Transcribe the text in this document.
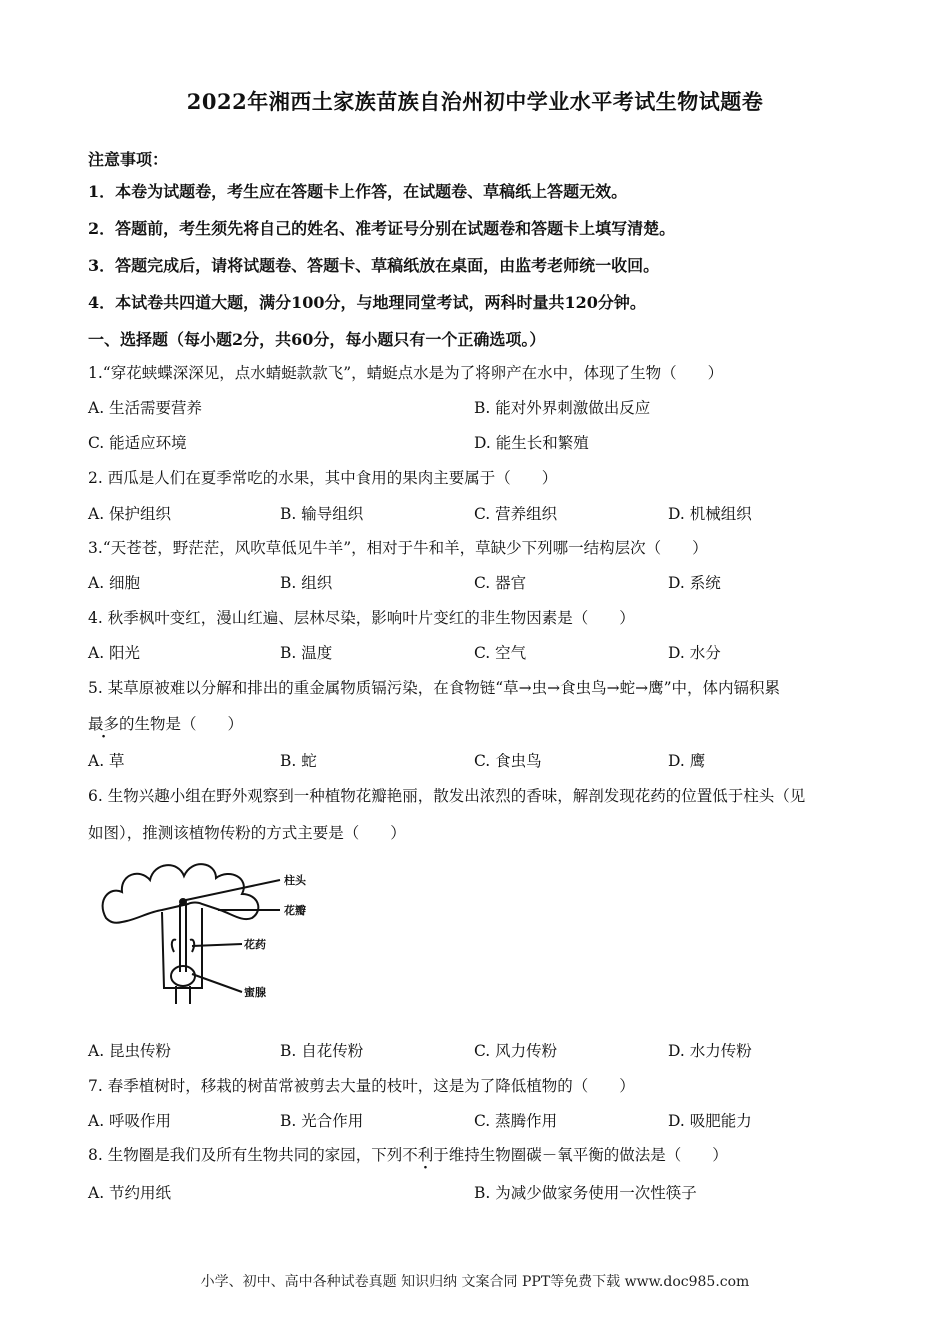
2022年湘西土家族苗族自治州初中学业水平考试生物试题卷
注意事项：
1．本卷为试题卷，考生应在答题卡上作答，在试题卷、草稿纸上答题无效。
2．答题前，考生须先将自己的姓名、准考证号分别在试题卷和答题卡上填写清楚。
3．答题完成后，请将试题卷、答题卡、草稿纸放在桌面，由监考老师统一收回。
4．本试卷共四道大题，满分100分，与地理同堂考试，两科时量共120分钟。
一、选择题（每小题2分，共60分，每小题只有一个正确选项。）
1.“穿花蛱蝶深深见，点水蜻蜓款款飞”，蜻蜓点水是为了将卵产在水中，体现了生物（　　）
A. 生活需要营养	B. 能对外界刺激做出反应
C. 能适应环境	D. 能生长和繁殖
2. 西瓜是人们在夏季常吃的水果，其中食用的果肉主要属于（　　）
A. 保护组织	B. 输导组织	C. 营养组织	D. 机械组织
3.“天苍苍，野茫茫，风吹草低见牛羊”，相对于牛和羊，草缺少下列哪一结构层次（　　）
A. 细胞	B. 组织	C. 器官	D. 系统
4. 秋季枫叶变红，漫山红遍、层林尽染，影响叶片变红的非生物因素是（　　）
A. 阳光	B. 温度	C. 空气	D. 水分
5. 某草原被难以分解和排出的重金属物质镉污染，在食物链“草→虫→食虫鸟→蛇→鹰”中，体内镉积累
最多的生物是（　　）
A. 草	B. 蛇	C. 食虫鸟	D. 鹰
6. 生物兴趣小组在野外观察到一种植物花瓣艳丽，散发出浓烈的香味，解剖发现花药的位置低于柱头（见
如图），推测该植物传粉的方式主要是（　　）
柱头
花瓣
花药
蜜腺
A. 昆虫传粉	B. 自花传粉	C. 风力传粉	D. 水力传粉
7. 春季植树时，移栽的树苗常被剪去大量的枝叶，这是为了降低植物的（　　）
A. 呼吸作用	B. 光合作用	C. 蒸腾作用	D. 吸肥能力
8. 生物圈是我们及所有生物共同的家园，下列不利于维持生物圈碳－氧平衡的做法是（　　）
A. 节约用纸	B. 为减少做家务使用一次性筷子
小学、初中、高中各种试卷真题 知识归纳 文案合同 PPT等免费下载 www.doc985.com
